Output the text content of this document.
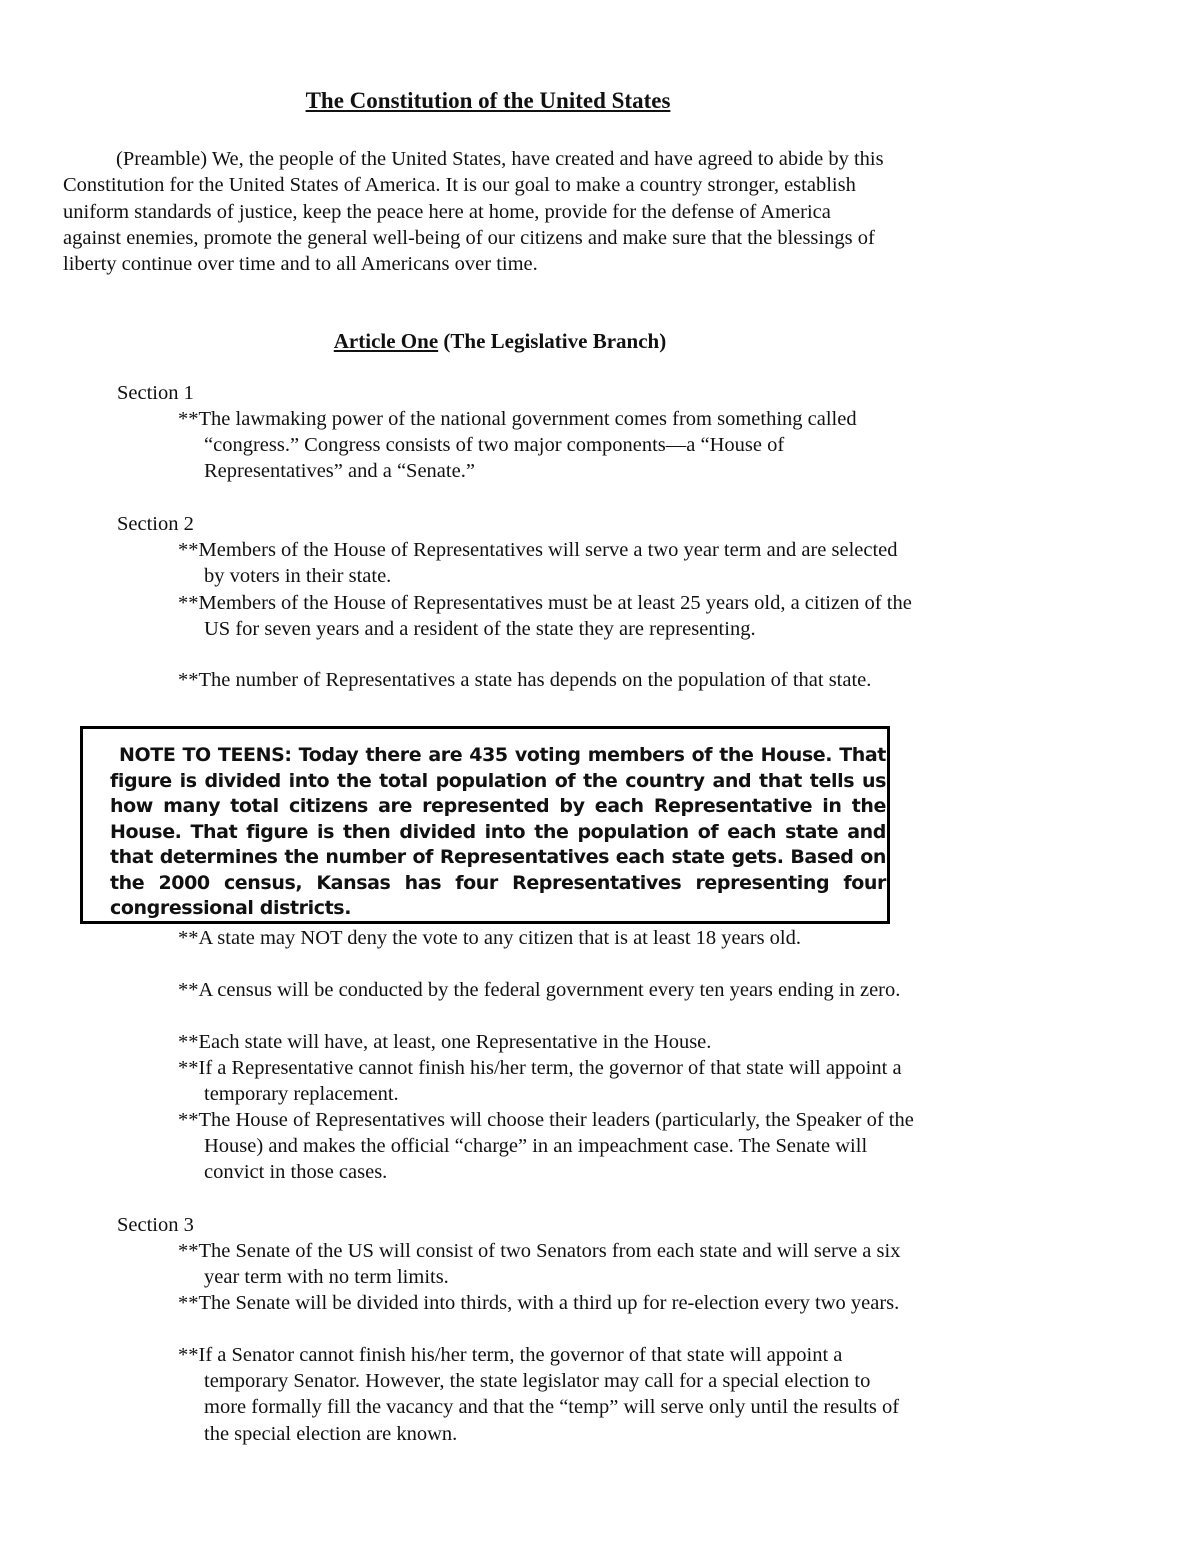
The Constitution of the United States

(Preamble) We, the people of the United States, have created and have agreed to abide by this Constitution for the United States of America. It is our goal to make a country stronger, establish uniform standards of justice, keep the peace here at home, provide for the defense of America against enemies, promote the general well-being of our citizens and make sure that the blessings of liberty continue over time and to all Americans over time.

Article One (The Legislative Branch)
Section 1

**The lawmaking power of the national government comes from something called “congress.” Congress consists of two major components—a “House of Representatives” and a “Senate.”

Section 2

**Members of the House of Representatives will serve a two year term and are selected by voters in their state.

**Members of the House of Representatives must be at least 25 years old, a citizen of the US for seven years and a resident of the state they are representing.

**The number of Representatives a state has depends on the population of that state.

NOTE TO TEENS: Today there are 435 voting members of the House. That figure is divided into the total population of the country and that tells us how many total citizens are represented by each Representative in the House. That figure is then divided into the population of each state and that determines the number of Representatives each state gets. Based on the 2000 census, Kansas has four Representatives representing four congressional districts.

**A state may NOT deny the vote to any citizen that is at least 18 years old.

**A census will be conducted by the federal government every ten years ending in zero.

**Each state will have, at least, one Representative in the House.

**If a Representative cannot finish his/her term, the governor of that state will appoint a temporary replacement.

**The House of Representatives will choose their leaders (particularly, the Speaker of the House) and makes the official “charge” in an impeachment case. The Senate will convict in those cases.

Section 3

**The Senate of the US will consist of two Senators from each state and will serve a six year term with no term limits.

**The Senate will be divided into thirds, with a third up for re-election every two years.

**If a Senator cannot finish his/her term, the governor of that state will appoint a temporary Senator. However, the state legislator may call for a special election to more formally fill the vacancy and that the “temp” will serve only until the results of the special election are known.
